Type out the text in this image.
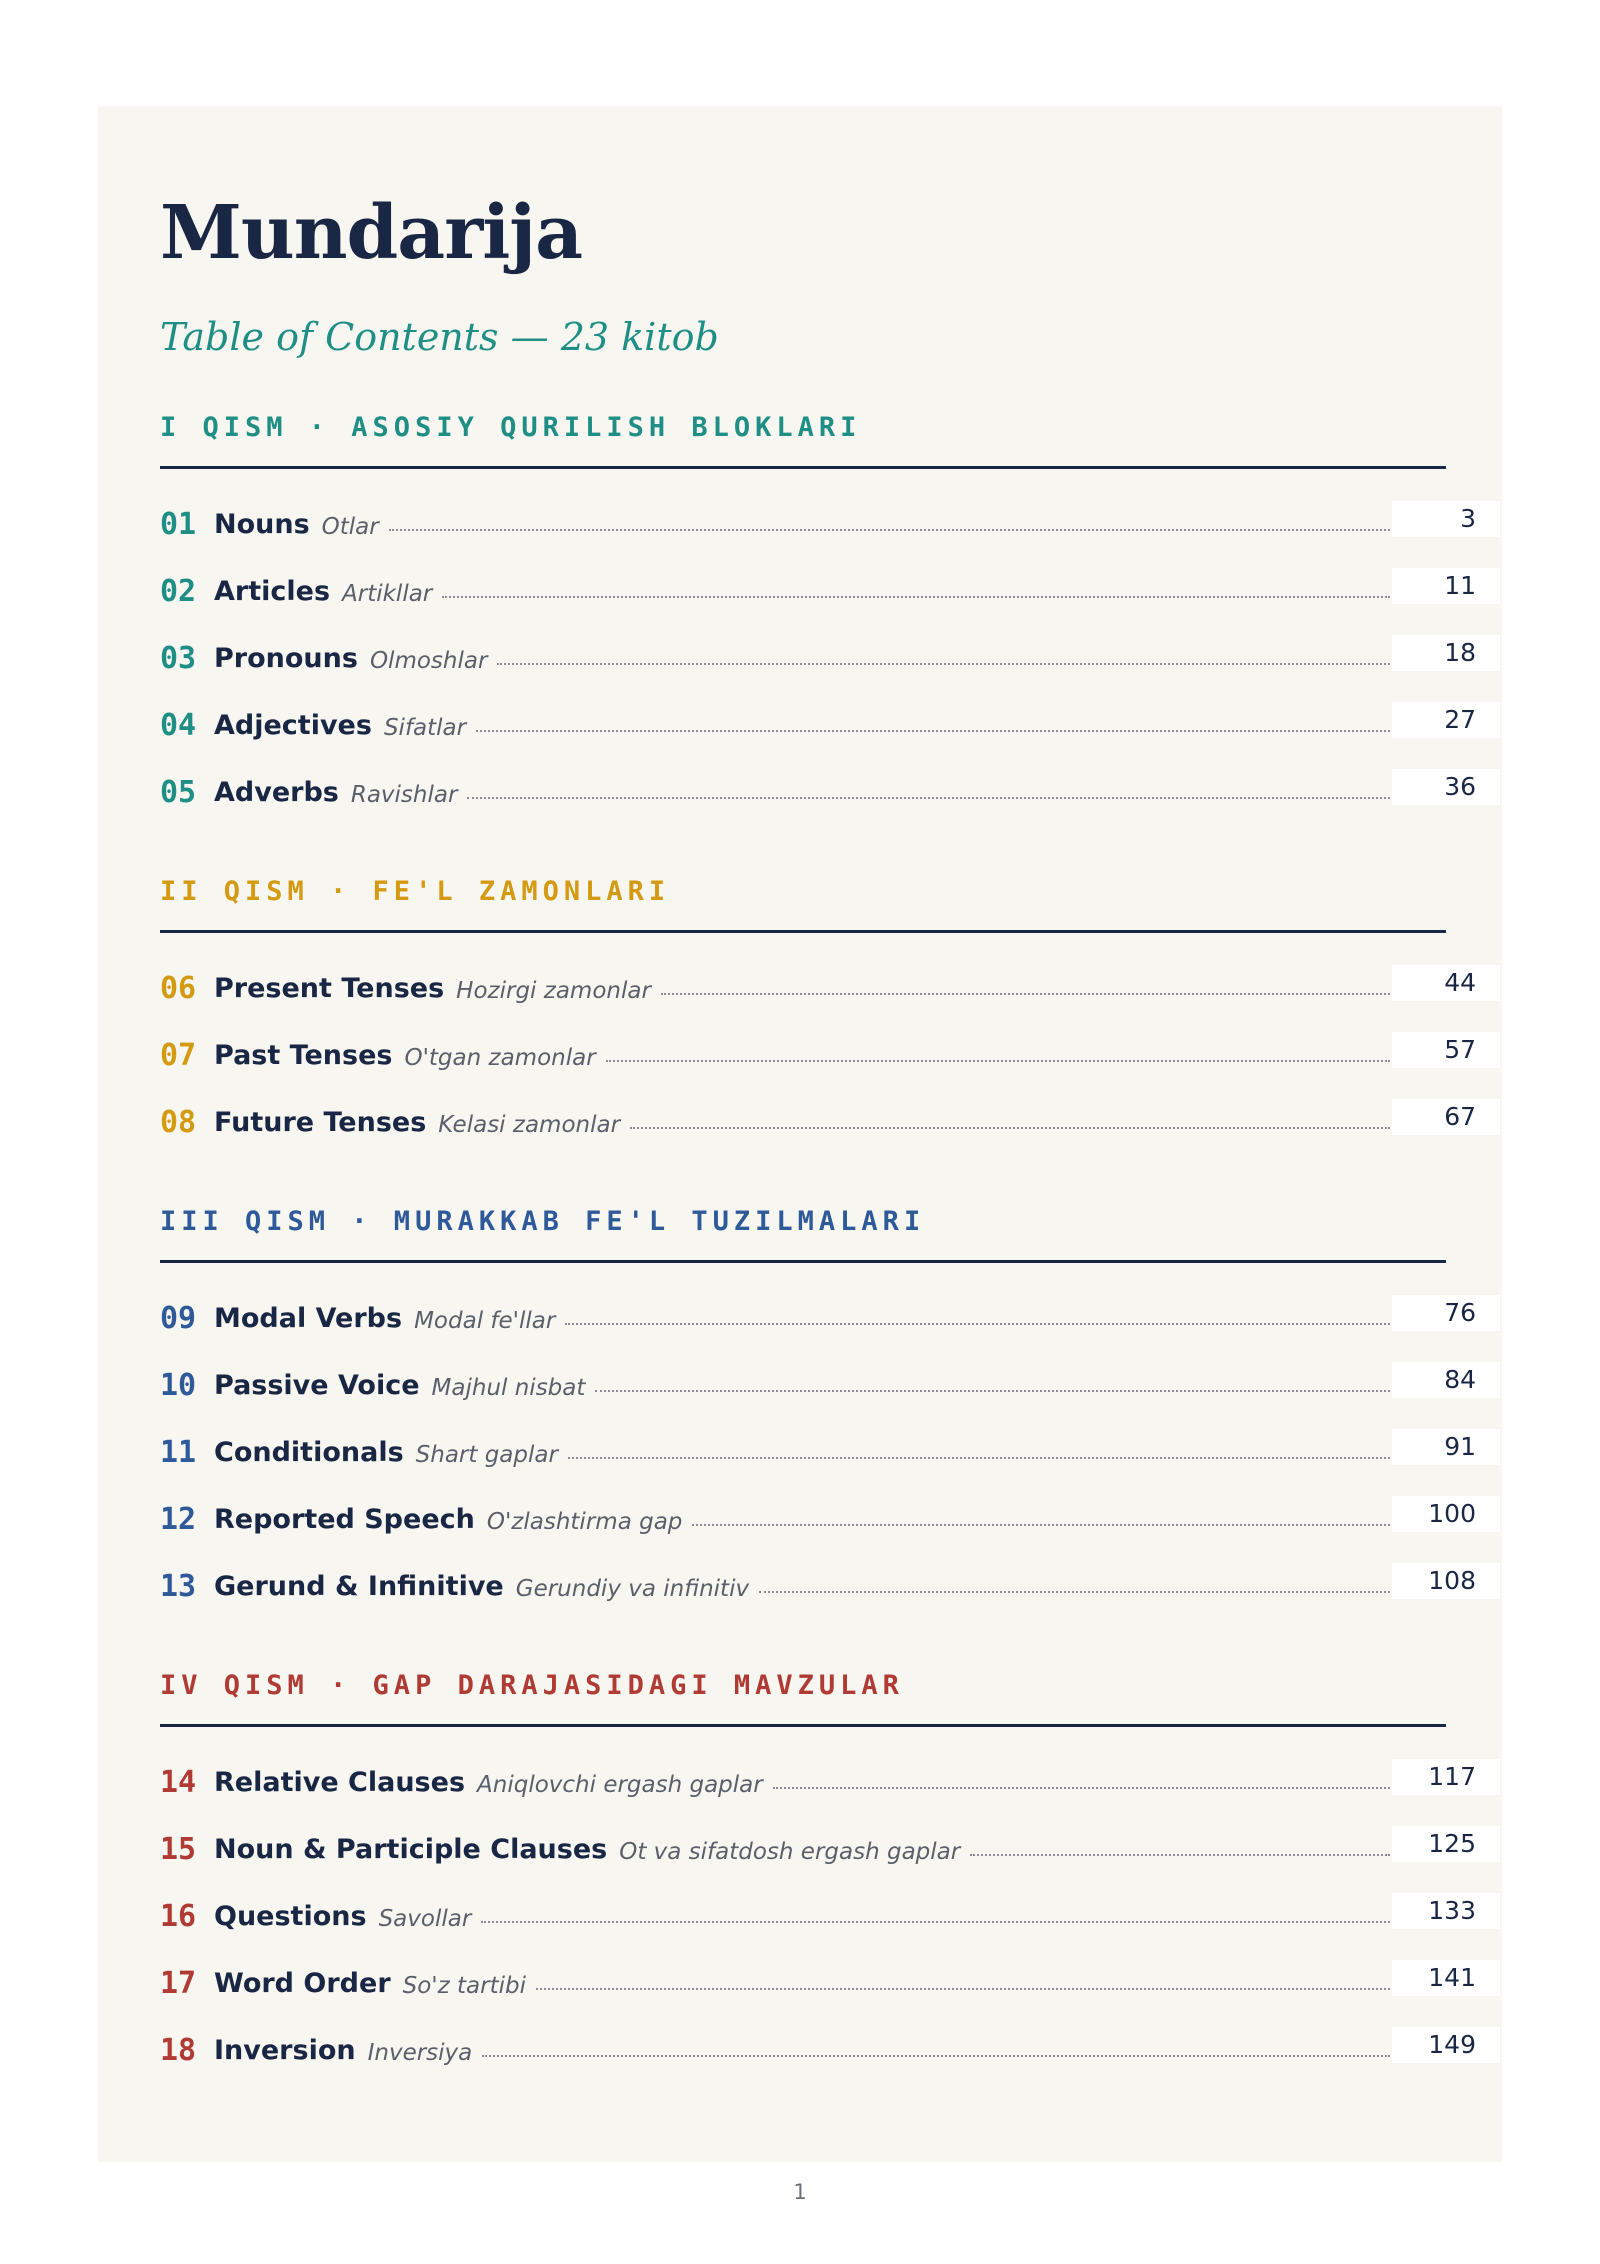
Mundarija
Table of Contents — 23 kitob
I QISM · ASOSIY QURILISH BLOKLARI
01 Nouns Otlar	3
02 Articles Artikllar	11
03 Pronouns Olmoshlar	18
04 Adjectives Sifatlar	27
05 Adverbs Ravishlar	36
II QISM · FE'L ZAMONLARI
06 Present Tenses Hozirgi zamonlar	44
07 Past Tenses O'tgan zamonlar	57
08 Future Tenses Kelasi zamonlar	67
III QISM · MURAKKAB FE'L TUZILMALARI
09 Modal Verbs Modal fe'llar	76
10 Passive Voice Majhul nisbat	84
11 Conditionals Shart gaplar	91
12 Reported Speech O'zlashtirma gap	100
13 Gerund & Infinitive Gerundiy va infinitiv	108
IV QISM · GAP DARAJASIDAGI MAVZULAR
14 Relative Clauses Aniqlovchi ergash gaplar	117
15 Noun & Participle Clauses Ot va sifatdosh ergash gaplar	125
16 Questions Savollar	133
17 Word Order So'z tartibi	141
18 Inversion Inversiya	149
1
